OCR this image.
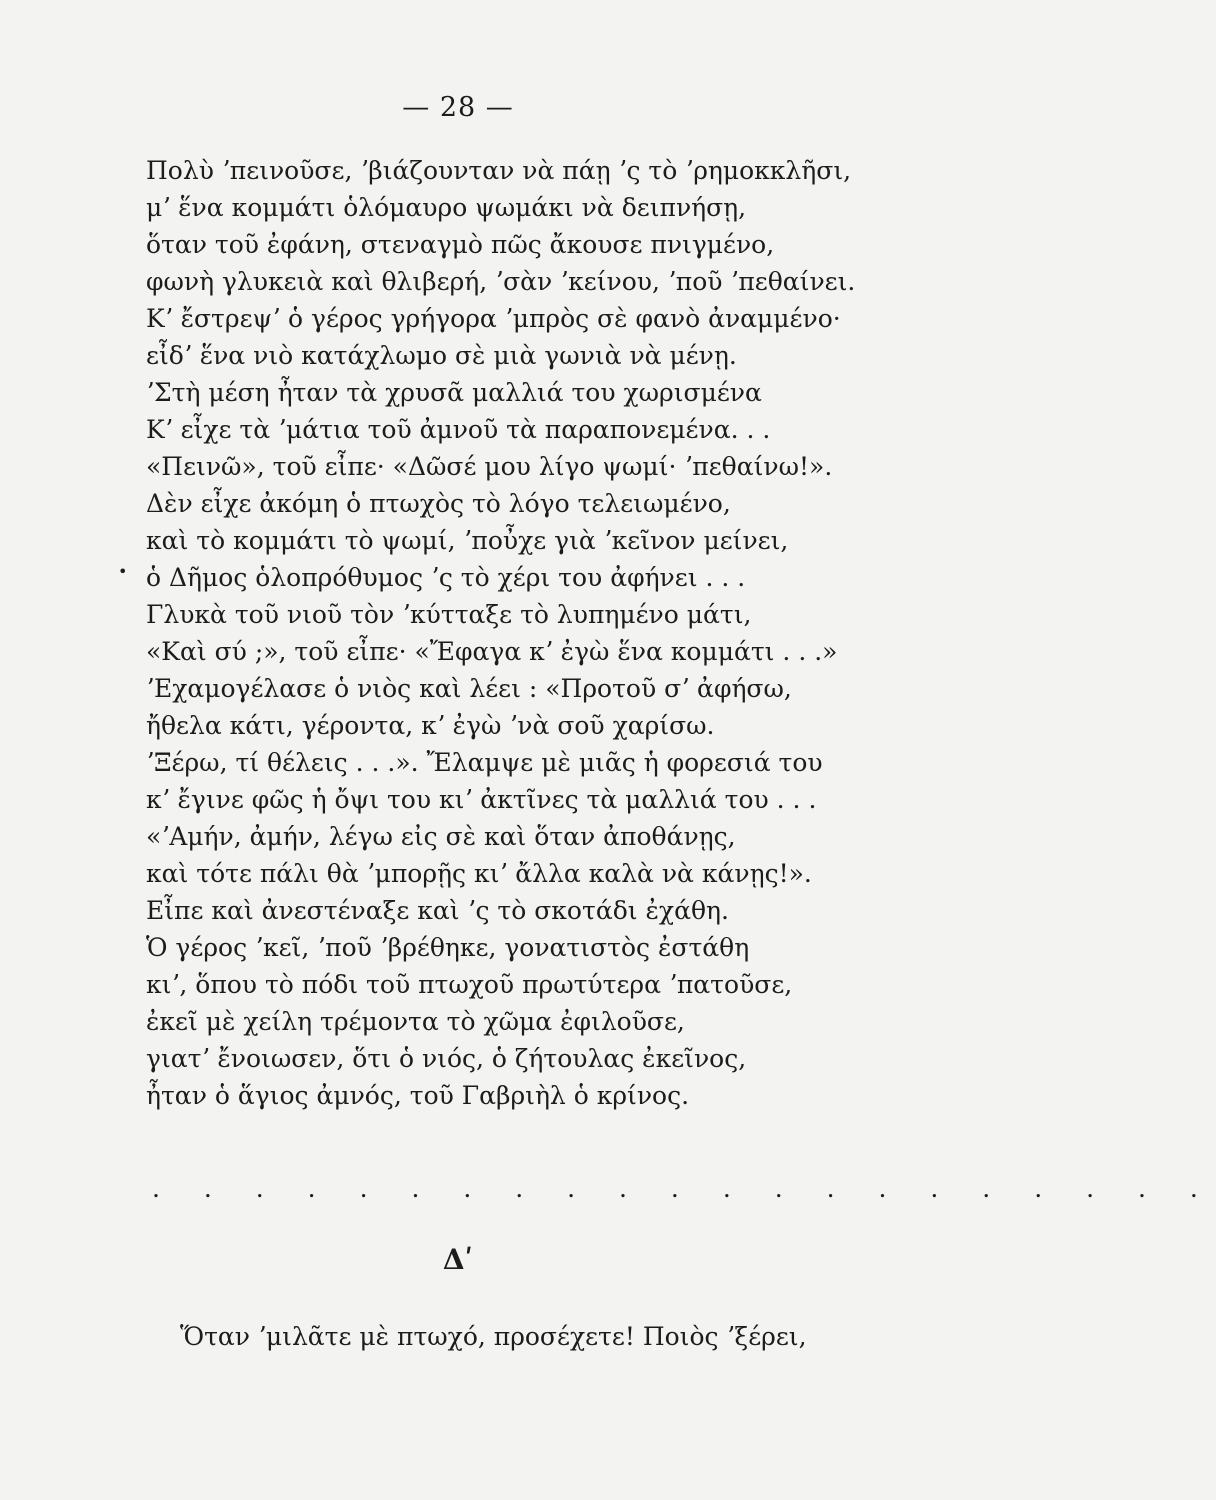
— 28 —
•
Πολὺ ʼπεινοῦσε, ʼβιάζουνταν νὰ πάῃ ʼς τὸ ʼρημοκκλῆσι,
μʼ ἕνα κομμάτι ὁλόμαυρο ψωμάκι νὰ δειπνήσῃ,
ὅταν τοῦ ἐφάνη, στεναγμὸ πῶς ἄκουσε πνιγμένο,
φωνὴ γλυκειὰ καὶ θλιβερή, ʼσὰν ʼκείνου, ʼποῦ ʼπεθαίνει.
Κʼ ἔστρεψʼ ὁ γέρος γρήγορα ʼμπρὸς σὲ φανὸ ἀναμμένο·
εἶδʼ ἕνα νιὸ κατάχλωμο σὲ μιὰ γωνιὰ νὰ μένῃ.
ʼΣτὴ μέση ἦταν τὰ χρυσᾶ μαλλιά του χωρισμένα
Κʼ εἶχε τὰ ʼμάτια τοῦ ἀμνοῦ τὰ παραπονεμένα. . .
«Πεινῶ», τοῦ εἶπε· «Δῶσέ μου λίγο ψωμί· ʼπεθαίνω!».
Δὲν εἶχε ἀκόμη ὁ πτωχὸς τὸ λόγο τελειωμένο,
καὶ τὸ κομμάτι τὸ ψωμί, ʼποὖχε γιὰ ʼκεῖνον μείνει,
ὁ Δῆμος ὁλοπρόθυμος ʼς τὸ χέρι του ἀφήνει . . .
Γλυκὰ τοῦ νιοῦ τὸν ʼκύτταξε τὸ λυπημένο μάτι,
«Καὶ σύ ;», τοῦ εἶπε· «Ἔφαγα κʼ ἐγὼ ἕνα κομμάτι . . .»
ʼΕχαμογέλασε ὁ νιὸς καὶ λέει : «Προτοῦ σʼ ἀφήσω,
ἤθελα κάτι, γέροντα, κʼ ἐγὼ ʼνὰ σοῦ χαρίσω.
ʼΞέρω, τί θέλεις . . .». Ἔλαμψε μὲ μιᾶς ἡ φορεσιά του
κʼ ἔγινε φῶς ἡ ὄψι του κιʼ ἀκτῖνες τὰ μαλλιά του . . .
«ʼΑμήν, ἀμήν, λέγω εἰς σὲ καὶ ὅταν ἀποθάνῃς,
καὶ τότε πάλι θὰ ʼμπορῇς κιʼ ἄλλα καλὰ νὰ κάνῃς!».
Εἶπε καὶ ἀνεστέναξε καὶ ʼς τὸ σκοτάδι ἐχάθη.
Ὁ γέρος ʼκεῖ, ʼποῦ ʼβρέθηκε, γονατιστὸς ἐστάθη
κιʼ, ὅπου τὸ πόδι τοῦ πτωχοῦ πρωτύτερα ʼπατοῦσε,
ἐκεῖ μὲ χείλη τρέμοντα τὸ χῶμα ἐφιλοῦσε,
γιατʼ ἔνοιωσεν, ὅτι ὁ νιός, ὁ ζήτουλας ἐκεῖνος,
ἦταν ὁ ἅγιος ἀμνός, τοῦ Γαβριὴλ ὁ κρίνος.
. . . . . . . . . . . . . . . . . . . . .
Δʹ
Ὅταν ʼμιλᾶτε μὲ πτωχό, προσέχετε! Ποιὸς ʼξέρει,
